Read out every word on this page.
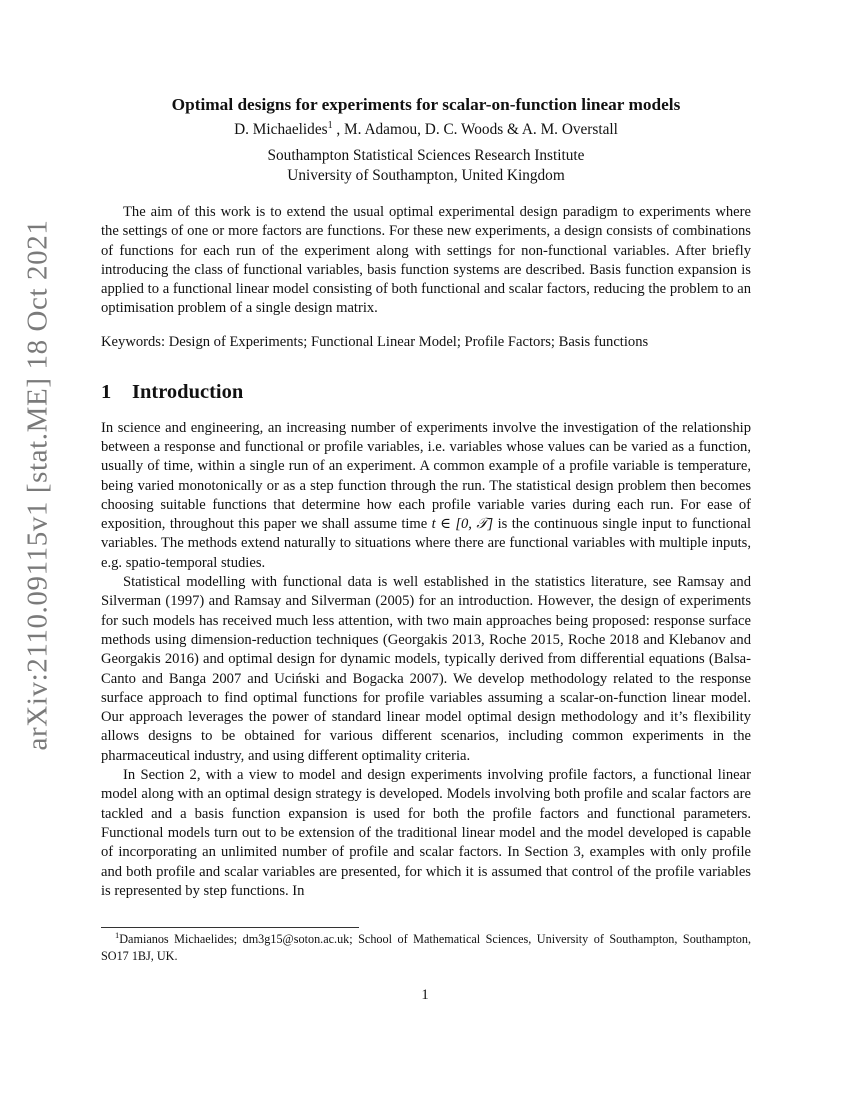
arXiv:2110.09115v1 [stat.ME] 18 Oct 2021
Optimal designs for experiments for scalar-on-function linear models
D. Michaelides$^1$ , M. Adamou, D. C. Woods & A. M. Overstall
Southampton Statistical Sciences Research Institute
University of Southampton, United Kingdom

The aim of this work is to extend the usual optimal experimental design paradigm to experiments where the settings of one or more factors are functions. For these new experiments, a design consists of combinations of functions for each run of the experiment along with settings for non-functional variables. After briefly introducing the class of functional variables, basis function systems are described. Basis function expansion is applied to a functional linear model consisting of both functional and scalar factors, reducing the problem to an optimisation problem of a single design matrix.

Keywords: Design of Experiments; Functional Linear Model; Profile Factors; Basis functions
1 Introduction

In science and engineering, an increasing number of experiments involve the investigation of the relationship between a response and functional or profile variables, i.e. variables whose values can be varied as a function, usually of time, within a single run of an experiment. A common example of a profile variable is temperature, being varied monotonically or as a step function through the run. The statistical design problem then becomes choosing suitable functions that determine how each profile variable varies during each run. For ease of exposition, throughout this paper we shall assume time t ∈ [0, 𝒯] is the continuous single input to functional variables. The methods extend naturally to situations where there are functional variables with multiple inputs, e.g. spatio-temporal studies.

Statistical modelling with functional data is well established in the statistics literature, see Ramsay and Silverman (1997) and Ramsay and Silverman (2005) for an introduction. However, the design of experiments for such models has received much less attention, with two main approaches being proposed: response surface methods using dimension-reduction techniques (Georgakis 2013, Roche 2015, Roche 2018 and Klebanov and Georgakis 2016) and optimal design for dynamic models, typically derived from differential equations (Balsa-Canto and Banga 2007 and Uciński and Bogacka 2007). We develop methodology related to the response surface approach to find optimal functions for profile variables assuming a scalar-on-function linear model. Our approach leverages the power of standard linear model optimal design methodology and it’s flexibility allows designs to be obtained for various different scenarios, including common experiments in the pharmaceutical industry, and using different optimality criteria.

In Section 2, with a view to model and design experiments involving profile factors, a functional linear model along with an optimal design strategy is developed. Models involving both profile and scalar factors are tackled and a basis function expansion is used for both the profile factors and functional parameters. Functional models turn out to be extension of the traditional linear model and the model developed is capable of incorporating an unlimited number of profile and scalar factors. In Section 3, examples with only profile and both profile and scalar variables are presented, for which it is assumed that control of the profile variables is represented by step functions. In

$^1$Damianos Michaelides; dm3g15@soton.ac.uk; School of Mathematical Sciences, University of Southampton, Southampton, SO17 1BJ, UK.
1
